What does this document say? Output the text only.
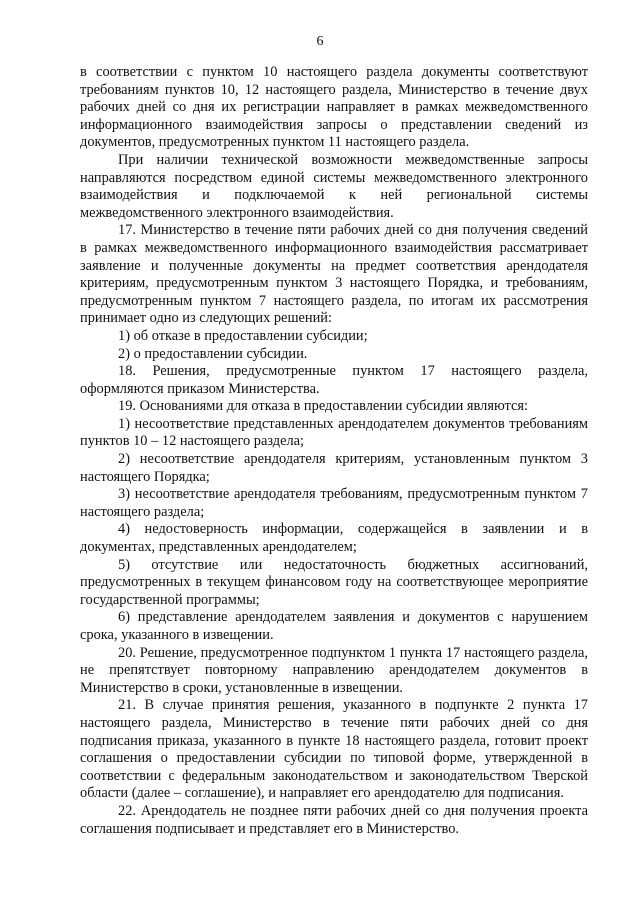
6

в соответствии с пунктом 10 настоящего раздела документы соответствуют требованиям пунктов 10, 12 настоящего раздела, Министерство в течение двух рабочих дней со дня их регистрации направляет в рамках межведомственного информационного взаимодействия запросы о представлении сведений из документов, предусмотренных пунктом 11 настоящего раздела.

При наличии технической возможности межведомственные запросы направляются посредством единой системы межведомственного электронного взаимодействия и подключаемой к ней региональной системы межведомственного электронного взаимодействия.

17. Министерство в течение пяти рабочих дней со дня получения сведений в рамках межведомственного информационного взаимодействия рассматривает заявление и полученные документы на предмет соответствия арендодателя критериям, предусмотренным пунктом 3 настоящего Порядка, и требованиям, предусмотренным пунктом 7 настоящего раздела, по итогам их рассмотрения принимает одно из следующих решений:

1) об отказе в предоставлении субсидии;

2) о предоставлении субсидии.

18. Решения, предусмотренные пунктом 17 настоящего раздела, оформляются приказом Министерства.

19. Основаниями для отказа в предоставлении субсидии являются:

1) несоответствие представленных арендодателем документов требованиям пунктов 10 – 12 настоящего раздела;

2) несоответствие арендодателя критериям, установленным пунктом 3 настоящего Порядка;

3) несоответствие арендодателя требованиям, предусмотренным пунктом 7 настоящего раздела;

4) недостоверность информации, содержащейся в заявлении и в документах, представленных арендодателем;

5) отсутствие или недостаточность бюджетных ассигнований, предусмотренных в текущем финансовом году на соответствующее мероприятие государственной программы;

6) представление арендодателем заявления и документов с нарушением срока, указанного в извещении.

20. Решение, предусмотренное подпунктом 1 пункта 17 настоящего раздела, не препятствует повторному направлению арендодателем документов в Министерство в сроки, установленные в извещении.

21. В случае принятия решения, указанного в подпункте 2 пункта 17 настоящего раздела, Министерство в течение пяти рабочих дней со дня подписания приказа, указанного в пункте 18 настоящего раздела, готовит проект соглашения о предоставлении субсидии по типовой форме, утвержденной в соответствии с федеральным законодательством и законодательством Тверской области (далее – соглашение), и направляет его арендодателю для подписания.

22. Арендодатель не позднее пяти рабочих дней со дня получения проекта соглашения подписывает и представляет его в Министерство.
